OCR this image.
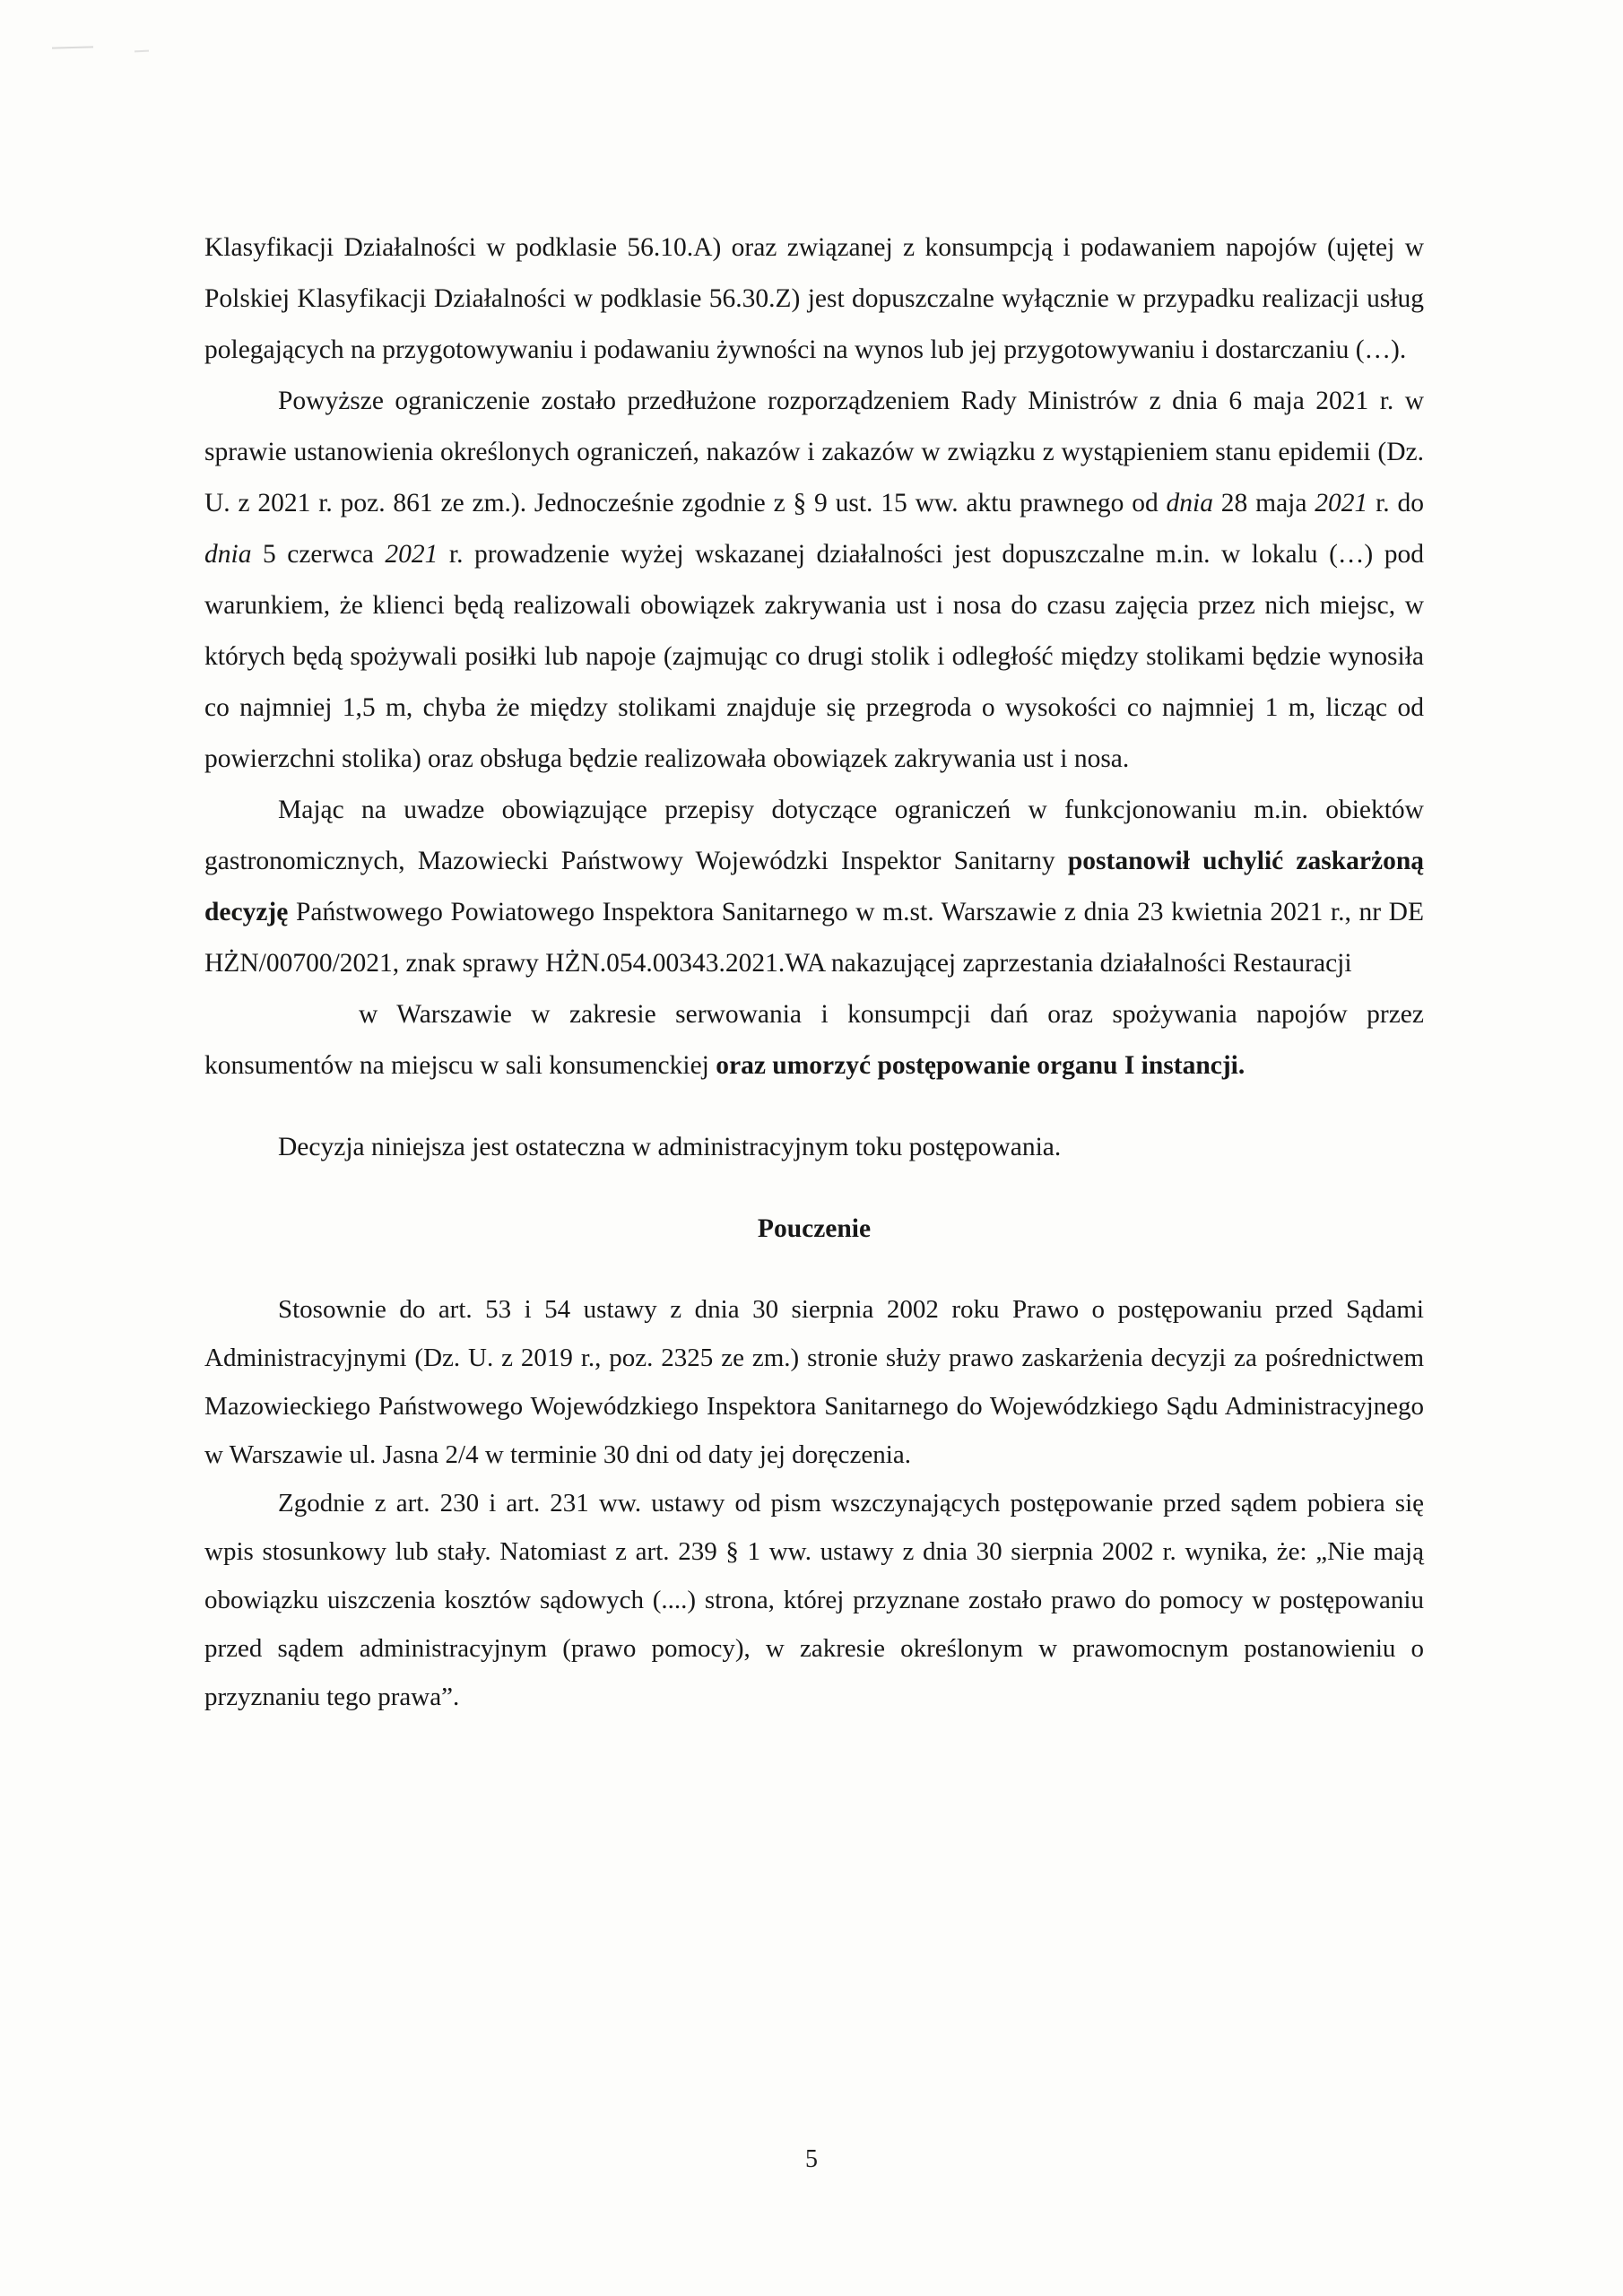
Klasyfikacji Działalności w podklasie 56.10.A) oraz związanej z konsumpcją i podawaniem napojów (ujętej w Polskiej Klasyfikacji Działalności w podklasie 56.30.Z) jest dopuszczalne wyłącznie w przypadku realizacji usług polegających na przygotowywaniu i podawaniu żywności na wynos lub jej przygotowywaniu i dostarczaniu (…).

Powyższe ograniczenie zostało przedłużone rozporządzeniem Rady Ministrów z dnia 6 maja 2021 r. w sprawie ustanowienia określonych ograniczeń, nakazów i zakazów w związku z wystąpieniem stanu epidemii (Dz. U. z 2021 r. poz. 861 ze zm.). Jednocześnie zgodnie z § 9 ust. 15 ww. aktu prawnego od dnia 28 maja 2021 r. do dnia 5 czerwca 2021 r. prowadzenie wyżej wskazanej działalności jest dopuszczalne m.in. w lokalu (…) pod warunkiem, że klienci będą realizowali obowiązek zakrywania ust i nosa do czasu zajęcia przez nich miejsc, w których będą spożywali posiłki lub napoje (zajmując co drugi stolik i odległość między stolikami będzie wynosiła co najmniej 1,5 m, chyba że między stolikami znajduje się przegroda o wysokości co najmniej 1 m, licząc od powierzchni stolika) oraz obsługa będzie realizowała obowiązek zakrywania ust i nosa.

Mając na uwadze obowiązujące przepisy dotyczące ograniczeń w funkcjonowaniu m.in. obiektów gastronomicznych, Mazowiecki Państwowy Wojewódzki Inspektor Sanitarny postanowił uchylić zaskarżoną decyzję Państwowego Powiatowego Inspektora Sanitarnego w m.st. Warszawie z dnia 23 kwietnia 2021 r., nr DE HŻN/00700/2021, znak sprawy HŻN.054.00343.2021.WA nakazującej zaprzestania działalności Restauracji

w Warszawie w zakresie serwowania i konsumpcji dań oraz spożywania napojów przez konsumentów na miejscu w sali konsumenckiej oraz umorzyć postępowanie organu I instancji.

Decyzja niniejsza jest ostateczna w administracyjnym toku postępowania.

Pouczenie

Stosownie do art. 53 i 54 ustawy z dnia 30 sierpnia 2002 roku Prawo o postępowaniu przed Sądami Administracyjnymi (Dz. U. z 2019 r., poz. 2325 ze zm.) stronie służy prawo zaskarżenia decyzji za pośrednictwem Mazowieckiego Państwowego Wojewódzkiego Inspektora Sanitarnego do Wojewódzkiego Sądu Administracyjnego w Warszawie ul. Jasna 2/4 w terminie 30 dni od daty jej doręczenia.

Zgodnie z art. 230 i art. 231 ww. ustawy od pism wszczynających postępowanie przed sądem pobiera się wpis stosunkowy lub stały. Natomiast z art. 239 § 1 ww. ustawy z dnia 30 sierpnia 2002 r. wynika, że: „Nie mają obowiązku uiszczenia kosztów sądowych (....) strona, której przyznane zostało prawo do pomocy w postępowaniu przed sądem administracyjnym (prawo pomocy), w zakresie określonym w prawomocnym postanowieniu o przyznaniu tego prawa”.

5
